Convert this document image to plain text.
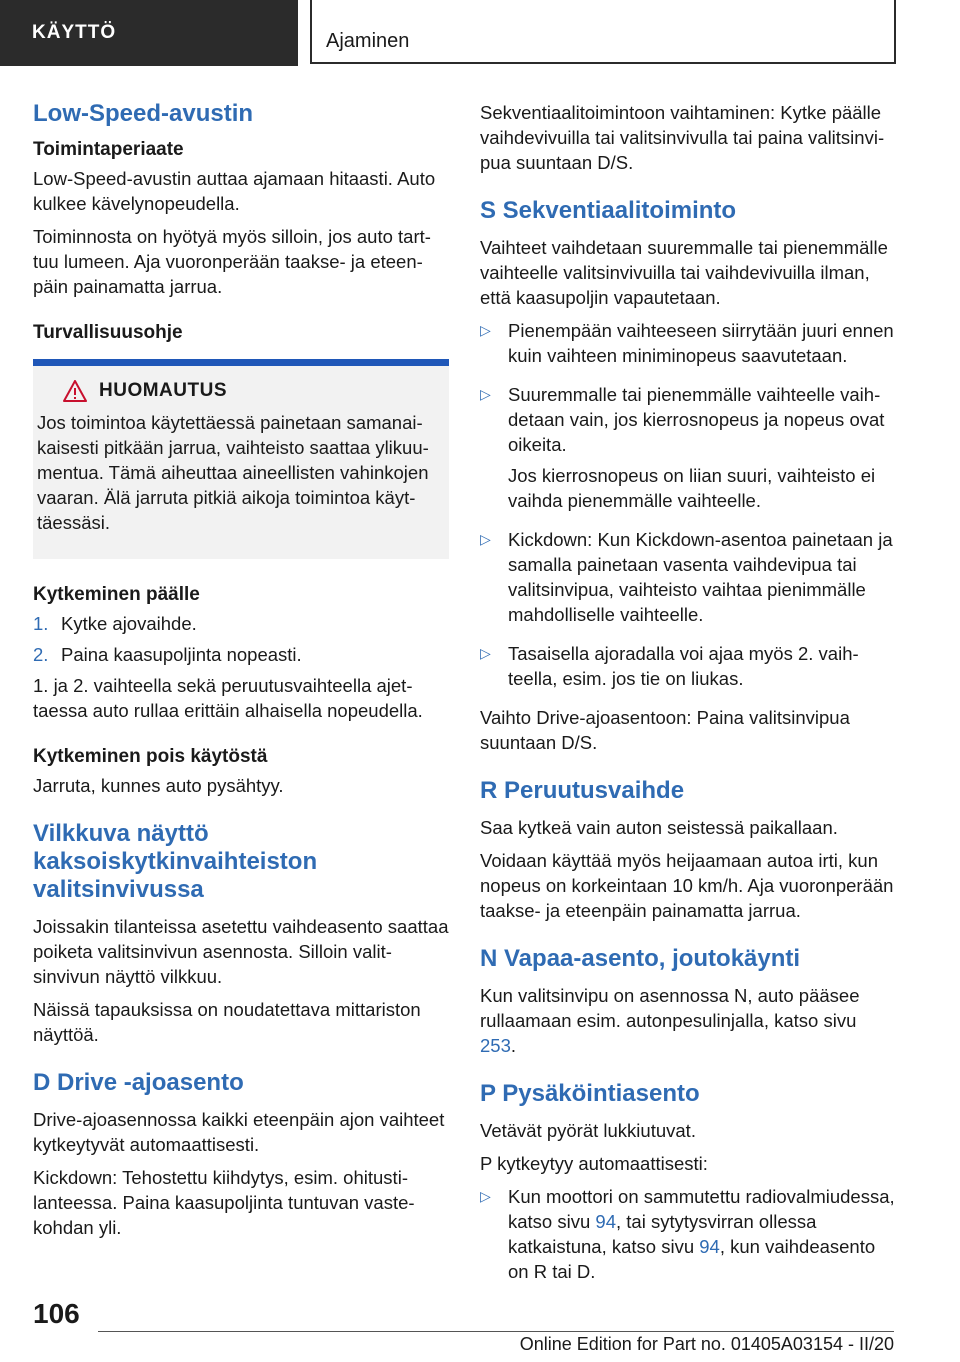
KÄYTTÖ	Ajaminen
Low-Speed-avustin
Toimintaperiaate

Low-Speed-avustin auttaa ajamaan hitaasti. Auto kulkee kävelynopeudella.

Toiminnosta on hyötyä myös silloin, jos auto tarttuu lumeen. Aja vuoronperään taakse- ja eteenpäin painamatta jarrua.

Turvallisuusohje
HUOMAUTUS

Jos toimintoa käytettäessä painetaan samanaikaisesti pitkään jarrua, vaihteisto saattaa ylikuumentua. Tämä aiheuttaa aineellisten vahinkojen vaaran. Älä jarruta pitkiä aikoja toimintoa käyttäessäsi.

Kytkeminen päälle
1. Kytke ajovaihde.
2. Paina kaasupoljinta nopeasti.

1. ja 2. vaihteella sekä peruutusvaihteella ajettaessa auto rullaa erittäin alhaisella nopeudella.

Kytkeminen pois käytöstä

Jarruta, kunnes auto pysähtyy.

Vilkkuva näyttö kaksoiskytkinvaihteiston valitsinvivussa

Joissakin tilanteissa asetettu vaihdeasento saattaa poiketa valitsinvivun asennosta. Silloin valitsinvivun näyttö vilkkuu.

Näissä tapauksissa on noudatettava mittariston näyttöä.

D Drive -ajoasento

Drive-ajoasennossa kaikki eteenpäin ajon vaihteet kytkeytyvät automaattisesti.

Kickdown: Tehostettu kiihdytys, esim. ohitustilanteessa. Paina kaasupoljinta tuntuvan vastekohdan yli.

Sekventiaalitoimintoon vaihtaminen: Kytke päälle vaihdevivuilla tai valitsinvivulla tai paina valitsinvipua suuntaan D/S.

S Sekventiaalitoiminto

Vaihteet vaihdetaan suuremmalle tai pienemmälle vaihteelle valitsinvivuilla tai vaihdevivuilla ilman, että kaasupoljin vapautetaan.

▷ Pienempään vaihteeseen siirrytään juuri ennen kuin vaihteen miniminopeus saavutetaan.

▷ Suuremmalle tai pienemmälle vaihteelle vaihdetaan vain, jos kierrosnopeus ja nopeus ovat oikeita.

Jos kierrosnopeus on liian suuri, vaihteisto ei vaihda pienemmälle vaihteelle.

▷ Kickdown: Kun Kickdown-asentoa painetaan ja samalla painetaan vasenta vaihdevipua tai valitsinvipua, vaihteisto vaihtaa pienimmälle mahdolliselle vaihteelle.

▷ Tasaisella ajoradalla voi ajaa myös 2. vaihteella, esim. jos tie on liukas.

Vaihto Drive-ajoasentoon: Paina valitsinvipua suuntaan D/S.

R Peruutusvaihde

Saa kytkeä vain auton seistessä paikallaan.

Voidaan käyttää myös heijaamaan autoa irti, kun nopeus on korkeintaan 10 km/h. Aja vuoronperään taakse- ja eteenpäin painamatta jarrua.

N Vapaa-asento, joutokäynti

Kun valitsinvipu on asennossa N, auto pääsee rullaamaan esim. autonpesulinjalla, katso sivu 253.

P Pysäköintiasento

Vetävät pyörät lukkiutuvat.

P kytkeytyy automaattisesti:

▷ Kun moottori on sammutettu radiovalmiudessa, katso sivu 94, tai sytytysvirran ollessa katkaistuna, katso sivu 94, kun vaihdeasento on R tai D.

106
Online Edition for Part no. 01405A03154 - II/20
